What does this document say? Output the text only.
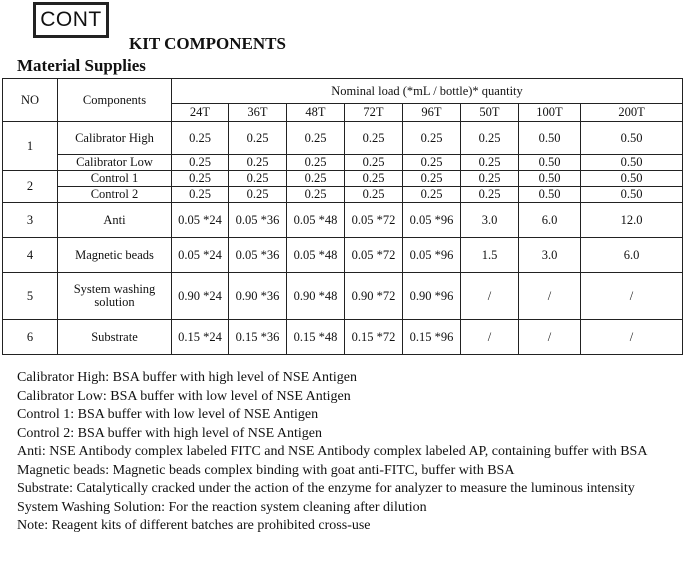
CONT
KIT COMPONENTS
Material Supplies
NO	Components	Nominal load (*mL / bottle)* quantity							
		24T	36T	48T	72T	96T	50T	100T	200T
1	Calibrator High	0.25	0.25	0.25	0.25	0.25	0.25	0.50	0.50
	Calibrator Low	0.25	0.25	0.25	0.25	0.25	0.25	0.50	0.50
2	Control 1	0.25	0.25	0.25	0.25	0.25	0.25	0.50	0.50
	Control 2	0.25	0.25	0.25	0.25	0.25	0.25	0.50	0.50
3	Anti	0.05 *24	0.05 *36	0.05 *48	0.05 *72	0.05 *96	3.0	6.0	12.0
4	Magnetic beads	0.05 *24	0.05 *36	0.05 *48	0.05 *72	0.05 *96	1.5	3.0	6.0
5	System washing solution	0.90 *24	0.90 *36	0.90 *48	0.90 *72	0.90 *96	/	/	/
6	Substrate	0.15 *24	0.15 *36	0.15 *48	0.15 *72	0.15 *96	/	/	/

Calibrator High: BSA buffer with high level of NSE Antigen

Calibrator Low: BSA buffer with low level of NSE Antigen

Control 1: BSA buffer with low level of NSE Antigen

Control 2: BSA buffer with high level of NSE Antigen

Anti: NSE Antibody complex labeled FITC and NSE Antibody complex labeled AP, containing buffer with BSA

Magnetic beads: Magnetic beads complex binding with goat anti-FITC, buffer with BSA

Substrate: Catalytically cracked under the action of the enzyme for analyzer to measure the luminous intensity

System Washing Solution: For the reaction system cleaning after dilution

Note: Reagent kits of different batches are prohibited cross-use
